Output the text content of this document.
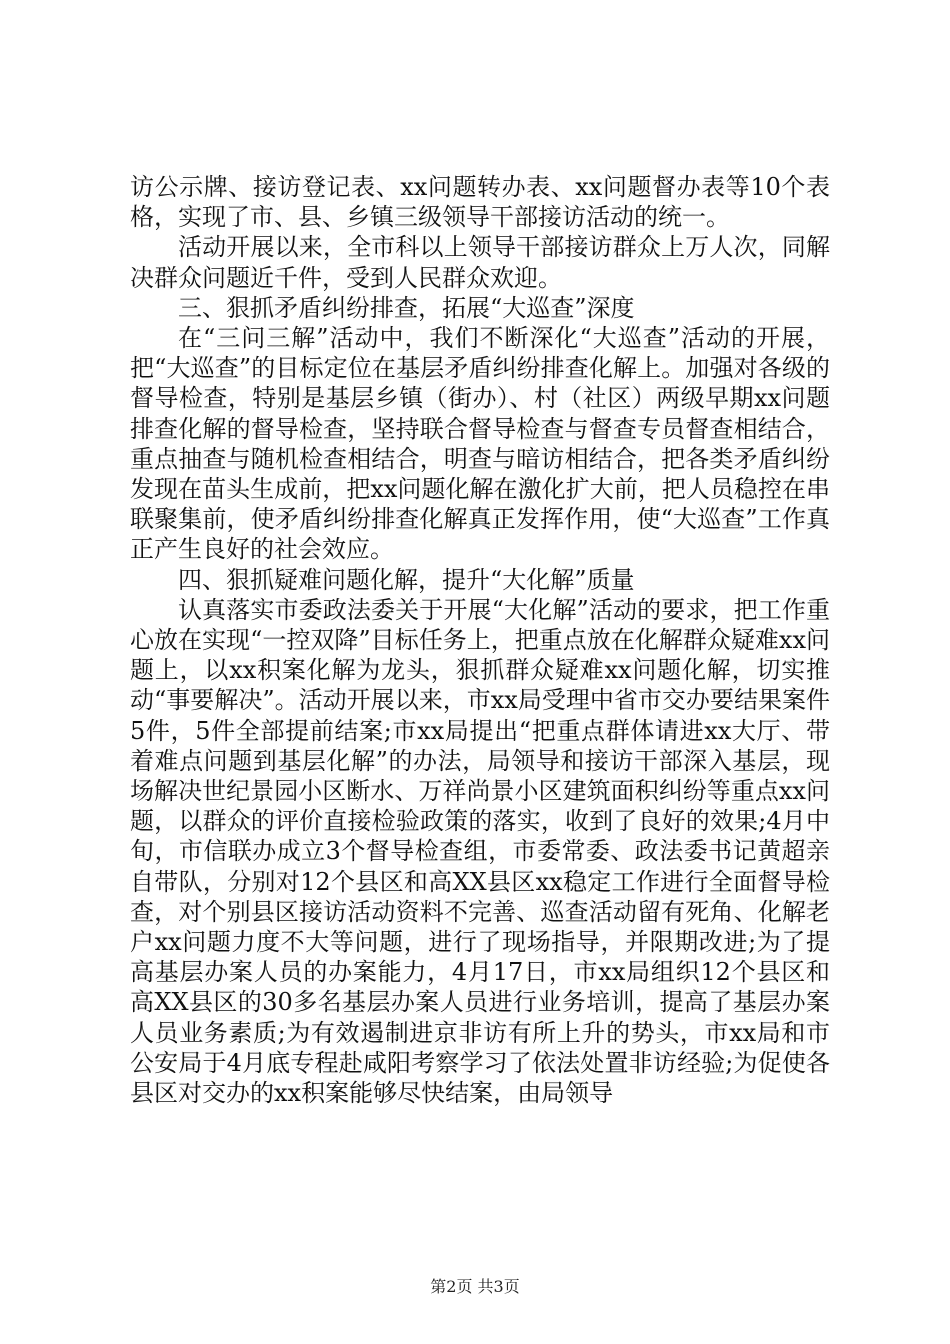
访公示牌、接访登记表、xx问题转办表、xx问题督办表等10个表格，实现了市、县、乡镇三级领导干部接访活动的统一。

活动开展以来，全市科以上领导干部接访群众上万人次，同解决群众问题近千件，受到人民群众欢迎。

三、狠抓矛盾纠纷排查，拓展“大巡查”深度

在“三问三解”活动中，我们不断深化“大巡查”活动的开展，把“大巡查”的目标定位在基层矛盾纠纷排查化解上。加强对各级的督导检查，特别是基层乡镇（街办）、村（社区）两级早期xx问题排查化解的督导检查，坚持联合督导检查与督查专员督查相结合，重点抽查与随机检查相结合，明查与暗访相结合，把各类矛盾纠纷发现在苗头生成前，把xx问题化解在激化扩大前，把人员稳控在串联聚集前，使矛盾纠纷排查化解真正发挥作用，使“大巡查”工作真正产生良好的社会效应。

四、狠抓疑难问题化解，提升“大化解”质量

认真落实市委政法委关于开展“大化解”活动的要求，把工作重心放在实现“一控双降”目标任务上，把重点放在化解群众疑难xx问题上，以xx积案化解为龙头，狠抓群众疑难xx问题化解，切实推动“事要解决”。活动开展以来，市xx局受理中省市交办要结果案件5件，5件全部提前结案;市xx局提出“把重点群体请进xx大厅、带着难点问题到基层化解”的办法，局领导和接访干部深入基层，现场解决世纪景园小区断水、万祥尚景小区建筑面积纠纷等重点xx问题，以群众的评价直接检验政策的落实，收到了良好的效果;4月中旬，市信联办成立3个督导检查组，市委常委、政法委书记黄超亲自带队，分别对12个县区和高XX县区xx稳定工作进行全面督导检查，对个别县区接访活动资料不完善、巡查活动留有死角、化解老户xx问题力度不大等问题，进行了现场指导，并限期改进;为了提高基层办案人员的办案能力，4月17日，市xx局组织12个县区和高XX县区的30多名基层办案人员进行业务培训，提高了基层办案人员业务素质;为有效遏制进京非访有所上升的势头，市xx局和市公安局于4月底专程赴咸阳考察学习了依法处置非访经验;为促使各县区对交办的xx积案能够尽快结案，由局领导

第2页 共3页
